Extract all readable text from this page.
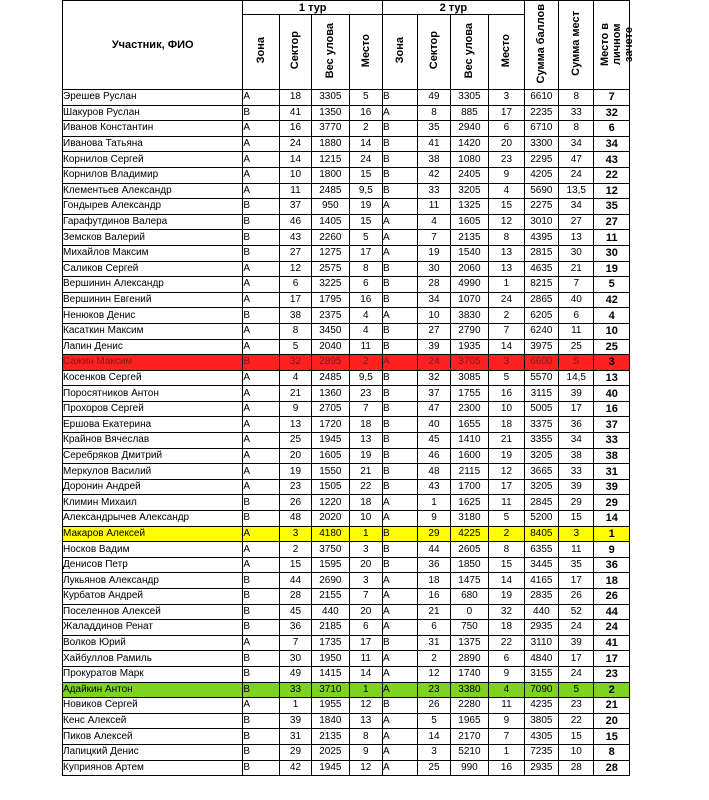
Участник, ФИО	1 тур				2 тур				Сумма баллов	Сумма мест	Место в личном зачете
	Зона	Сектор	Вес улова	Место	Зона	Сектор	Вес улова	Место			
Эрешев Руслан	A	18	3305	5	B	49	3305	3	6610	8	7
Шакуров Руслан	B	41	1350	16	A	8	885	17	2235	33	32
Иванов Константин	A	16	3770	2	B	35	2940	6	6710	8	6
Иванова Татьяна	A	24	1880	14	B	41	1420	20	3300	34	34
Корнилов Сергей	A	14	1215	24	B	38	1080	23	2295	47	43
Корнилов Владимир	A	10	1800	15	B	42	2405	9	4205	24	22
Клементьев Александр	A	11	2485	9,5	B	33	3205	4	5690	13,5	12
Гондырев Александр	B	37	950	19	A	11	1325	15	2275	34	35
Гарафутдинов Валера	B	46	1405	15	A	4	1605	12	3010	27	27
Земсков Валерий	B	43	2260	5	A	7	2135	8	4395	13	11
Михайлов Максим	B	27	1275	17	A	19	1540	13	2815	30	30
Саликов Сергей	A	12	2575	8	B	30	2060	13	4635	21	19
Вершинин Александр	A	6	3225	6	B	28	4990	1	8215	7	5
Вершинин Евгений	A	17	1795	16	B	34	1070	24	2865	40	42
Ненюков Денис	B	38	2375	4	A	10	3830	2	6205	6	4
Касаткин Максим	A	8	3450	4	B	27	2790	7	6240	11	10
Лапин Денис	A	5	2040	11	B	39	1935	14	3975	25	25
Сажин Максим	B	32	2895	2	A	24	3705	3	6600	5	3
Косенков Сергей	A	4	2485	9,5	B	32	3085	5	5570	14,5	13
Поросятников Антон	A	21	1360	23	B	37	1755	16	3115	39	40
Прохоров Сергей	A	9	2705	7	B	47	2300	10	5005	17	16
Ершова Екатерина	A	13	1720	18	B	40	1655	18	3375	36	37
Крайнов Вячеслав	A	25	1945	13	B	45	1410	21	3355	34	33
Серебряков Дмитрий	A	20	1605	19	B	46	1600	19	3205	38	38
Меркулов Василий	A	19	1550	21	B	48	2115	12	3665	33	31
Доронин Андрей	A	23	1505	22	B	43	1700	17	3205	39	39
Климин Михаил	B	26	1220	18	A	1	1625	11	2845	29	29
Александрычев Александр	B	48	2020	10	A	9	3180	5	5200	15	14
Макаров Алексей	A	3	4180	1	B	29	4225	2	8405	3	1
Носков Вадим	A	2	3750	3	B	44	2605	8	6355	11	9
Денисов Петр	A	15	1595	20	B	36	1850	15	3445	35	36
Лукьянов Александр	B	44	2690	3	A	18	1475	14	4165	17	18
Курбатов Андрей	B	28	2155	7	A	16	680	19	2835	26	26
Поселеннов Алексей	B	45	440	20	A	21	0	32	440	52	44
Жаладдинов Ренат	B	36	2185	6	A	6	750	18	2935	24	24
Волков Юрий	A	7	1735	17	B	31	1375	22	3110	39	41
Хайбуллов Рамиль	B	30	1950	11	A	2	2890	6	4840	17	17
Прокуратов Марк	B	49	1415	14	A	12	1740	9	3155	24	23
Адайкин Антон	B	33	3710	1	A	23	3380	4	7090	5	2
Новиков Сергей	A	1	1955	12	B	26	2280	11	4235	23	21
Кенс Алексей	B	39	1840	13	A	5	1965	9	3805	22	20
Пиков Алексей	B	31	2135	8	A	14	2170	7	4305	15	15
Лапицкий Денис	B	29	2025	9	A	3	5210	1	7235	10	8
Куприянов Артем	B	42	1945	12	A	25	990	16	2935	28	28
